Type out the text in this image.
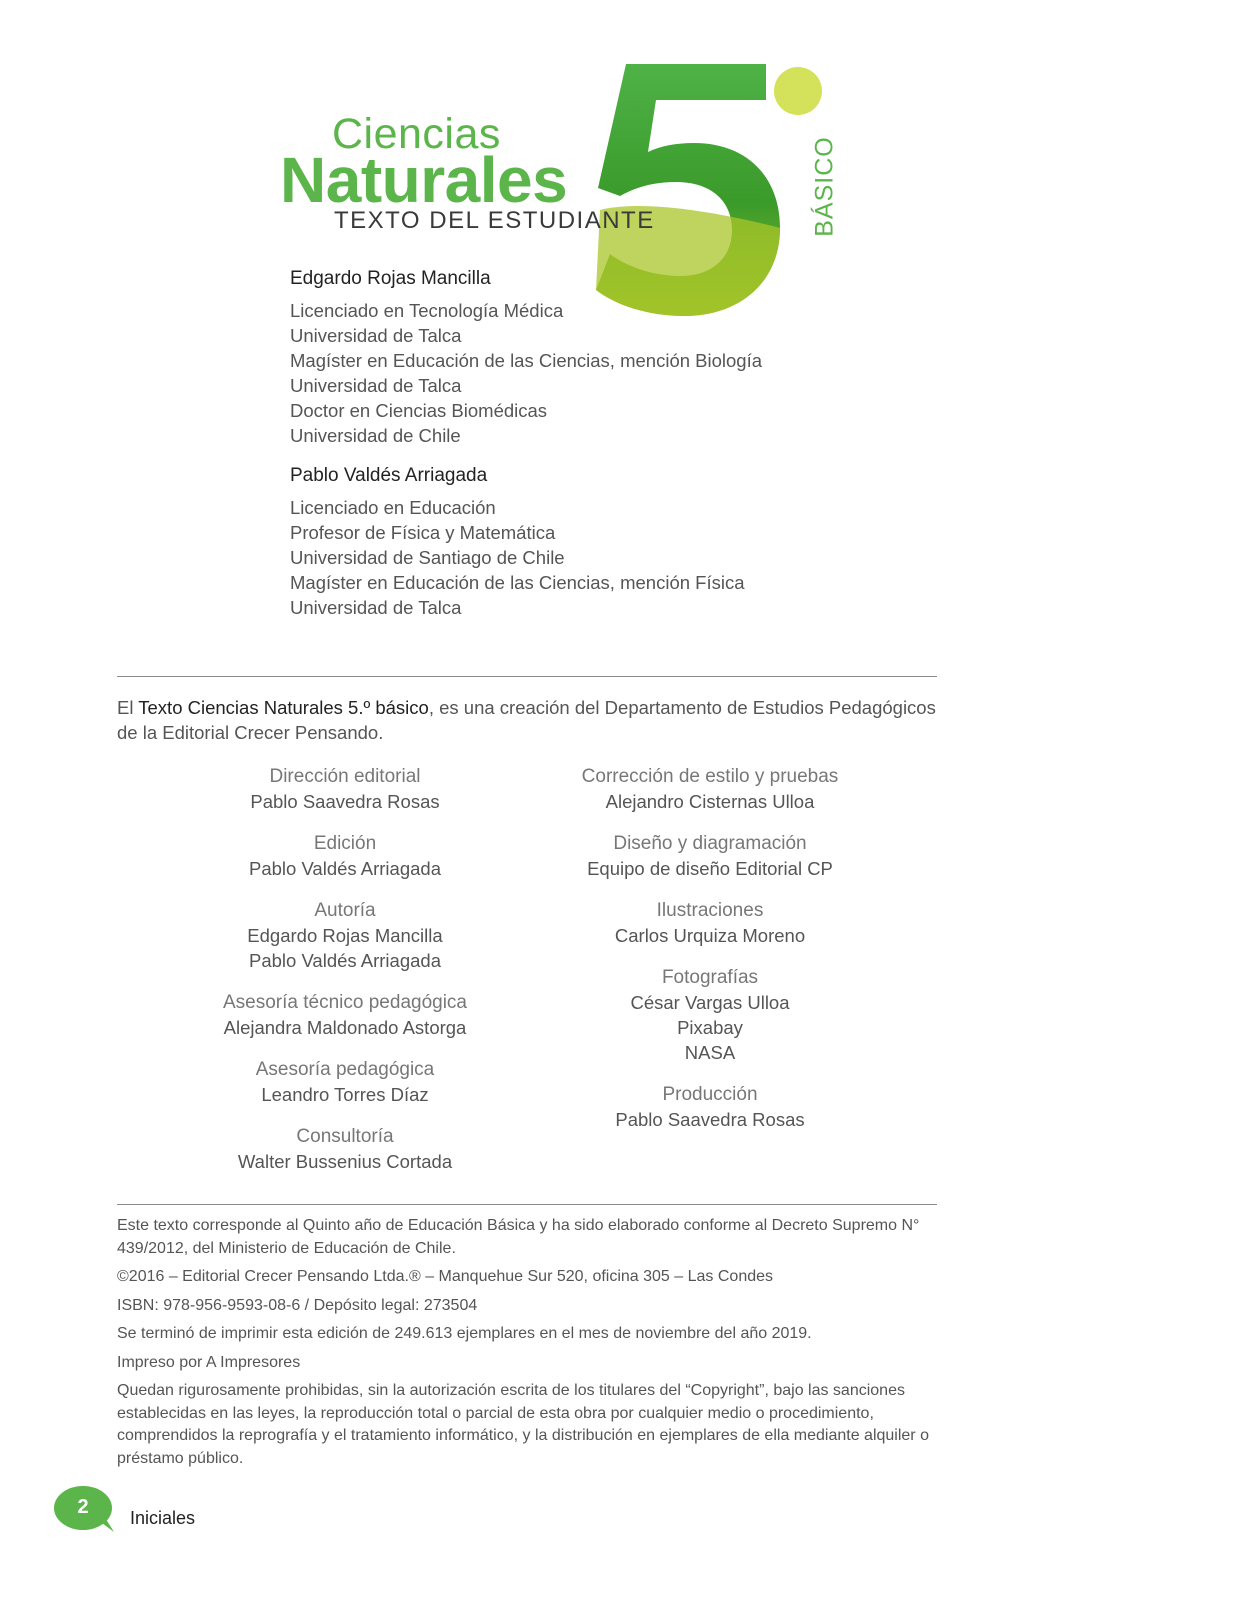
Ciencias
Naturales
TEXTO DEL ESTUDIANTE	BÁSICO
Edgardo Rojas Mancilla
Licenciado en Tecnología Médica
Universidad de Talca
Magíster en Educación de las Ciencias, mención Biología
Universidad de Talca
Doctor en Ciencias Biomédicas
Universidad de Chile
Pablo Valdés Arriagada
Licenciado en Educación
Profesor de Física y Matemática
Universidad de Santiago de Chile
Magíster en Educación de las Ciencias, mención Física
Universidad de Talca
El Texto Ciencias Naturales 5.º básico, es una creación del Departamento de Estudios Pedagógicos de la Editorial Crecer Pensando.
Dirección editorial
Pablo Saavedra Rosas
Edición
Pablo Valdés Arriagada
Autoría
Edgardo Rojas Mancilla
Pablo Valdés Arriagada
Asesoría técnico pedagógica
Alejandra Maldonado Astorga
Asesoría pedagógica
Leandro Torres Díaz
Consultoría
Walter Bussenius Cortada
Corrección de estilo y pruebas
Alejandro Cisternas Ulloa
Diseño y diagramación
Equipo de diseño Editorial CP
Ilustraciones
Carlos Urquiza Moreno
Fotografías
César Vargas Ulloa
Pixabay
NASA
Producción
Pablo Saavedra Rosas

Este texto corresponde al Quinto año de Educación Básica y ha sido elaborado conforme al Decreto Supremo N° 439/2012, del Ministerio de Educación de Chile.

©2016 – Editorial Crecer Pensando Ltda.® – Manquehue Sur 520, oficina 305 – Las Condes

ISBN: 978-956-9593-08-6 / Depósito legal: 273504

Se terminó de imprimir esta edición de 249.613 ejemplares en el mes de noviembre del año 2019.

Impreso por A Impresores

Quedan rigurosamente prohibidas, sin la autorización escrita de los titulares del “Copyright”, bajo las sanciones establecidas en las leyes, la reproducción total o parcial de esta obra por cualquier medio o procedimiento, comprendidos la reprografía y el tratamiento informático, y la distribución en ejemplares de ella mediante alquiler o préstamo público.

2	Iniciales
